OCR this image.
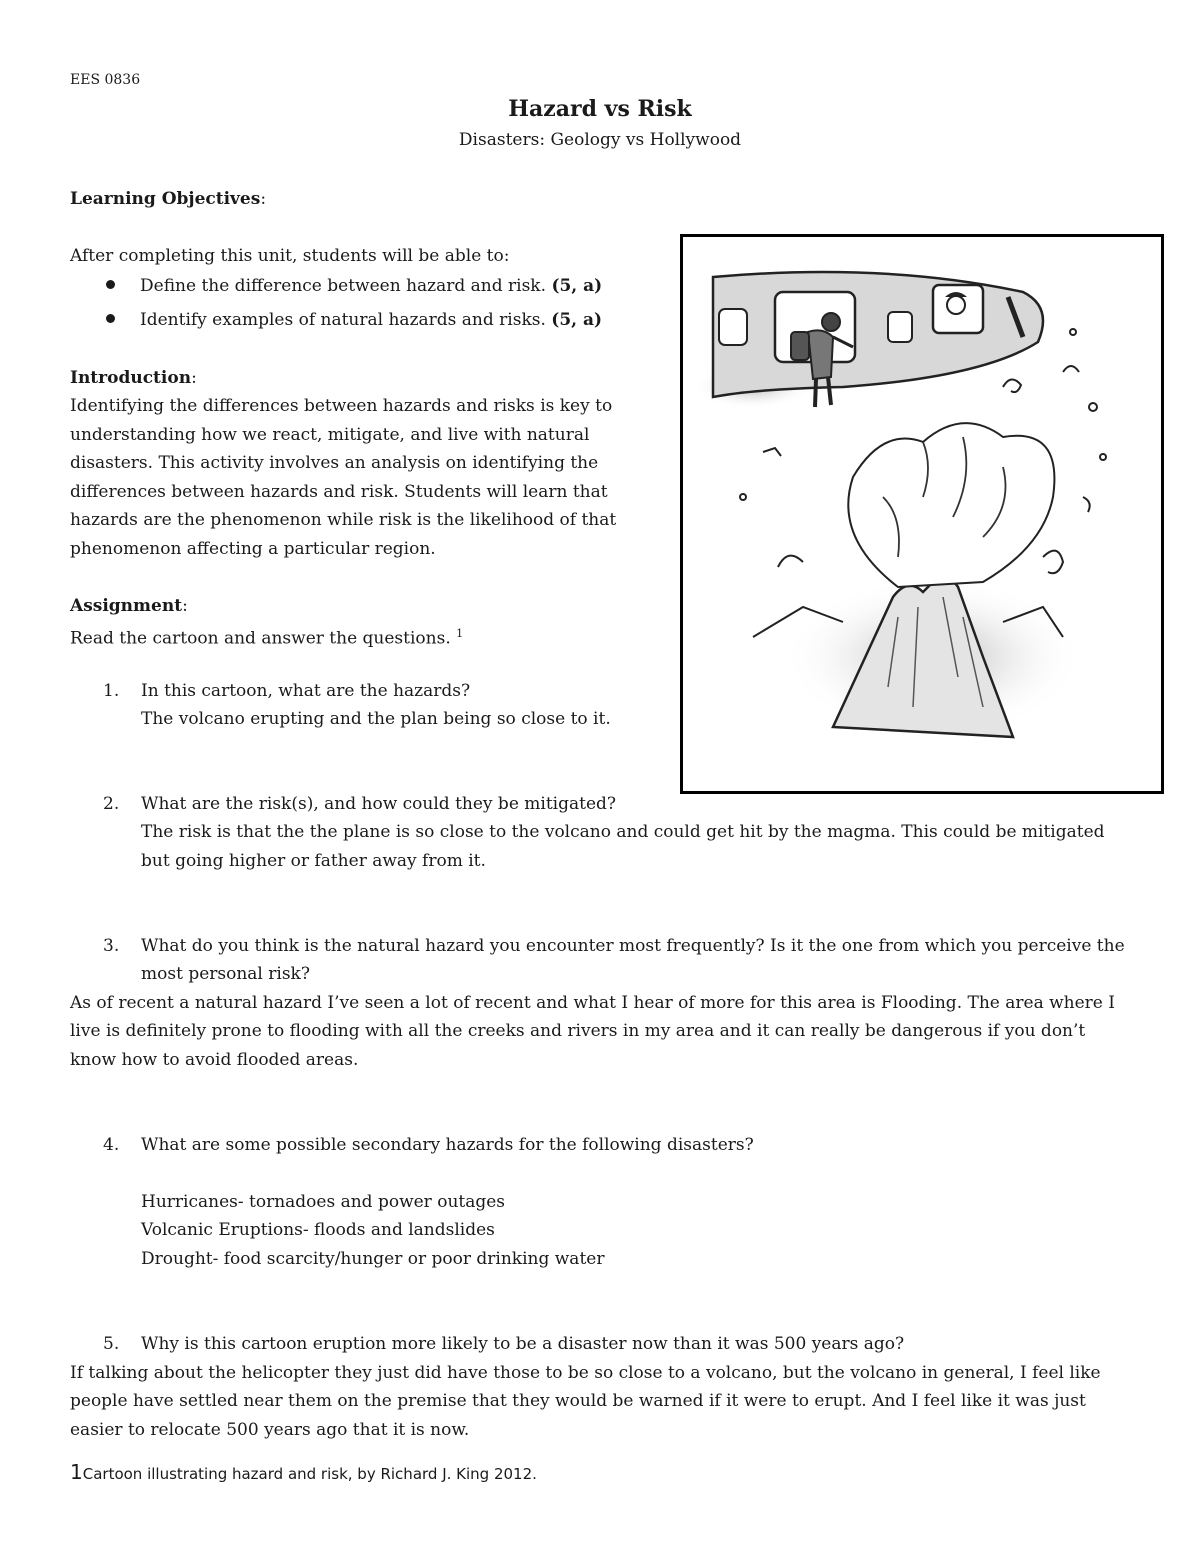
EES 0836
Hazard vs Risk
Disasters: Geology vs Hollywood
Learning Objectives:
After completing this unit, students will be able to:
Define the difference between hazard and risk. (5, a)
Identify examples of natural hazards and risks. (5, a)
Introduction:
Identifying the differences between hazards and risks is key to
understanding how we react, mitigate, and live with natural
disasters. This activity involves an analysis on identifying the
differences between hazards and risk. Students will learn that
hazards are the phenomenon while risk is the likelihood of that
phenomenon affecting a particular region.
Assignment:
Read the cartoon and answer the questions. $^1$
1. In this cartoon, what are the hazards?
The volcano erupting and the plan being so close to it.
2. What are the risk(s), and how could they be mitigated?
The risk is that the the plane is so close to the volcano and could get hit by the magma. This could be mitigated
but going higher or father away from it.
3. What do you think is the natural hazard you encounter most frequently? Is it the one from which you perceive the
most personal risk?
As of recent a natural hazard I’ve seen a lot of recent and what I hear of more for this area is Flooding. The area where I
live is definitely prone to flooding with all the creeks and rivers in my area and it can really be dangerous if you don’t
know how to avoid flooded areas.
4. What are some possible secondary hazards for the following disasters?
Hurricanes- tornadoes and power outages
Volcanic Eruptions- floods and landslides
Drought- food scarcity/hunger or poor drinking water
5. Why is this cartoon eruption more likely to be a disaster now than it was 500 years ago?
If talking about the helicopter they just did have those to be so close to a volcano, but the volcano in general, I feel like
people have settled near them on the premise that they would be warned if it were to erupt. And I feel like it was just
easier to relocate 500 years ago that it is now.
1Cartoon illustrating hazard and risk, by Richard J. King 2012.
